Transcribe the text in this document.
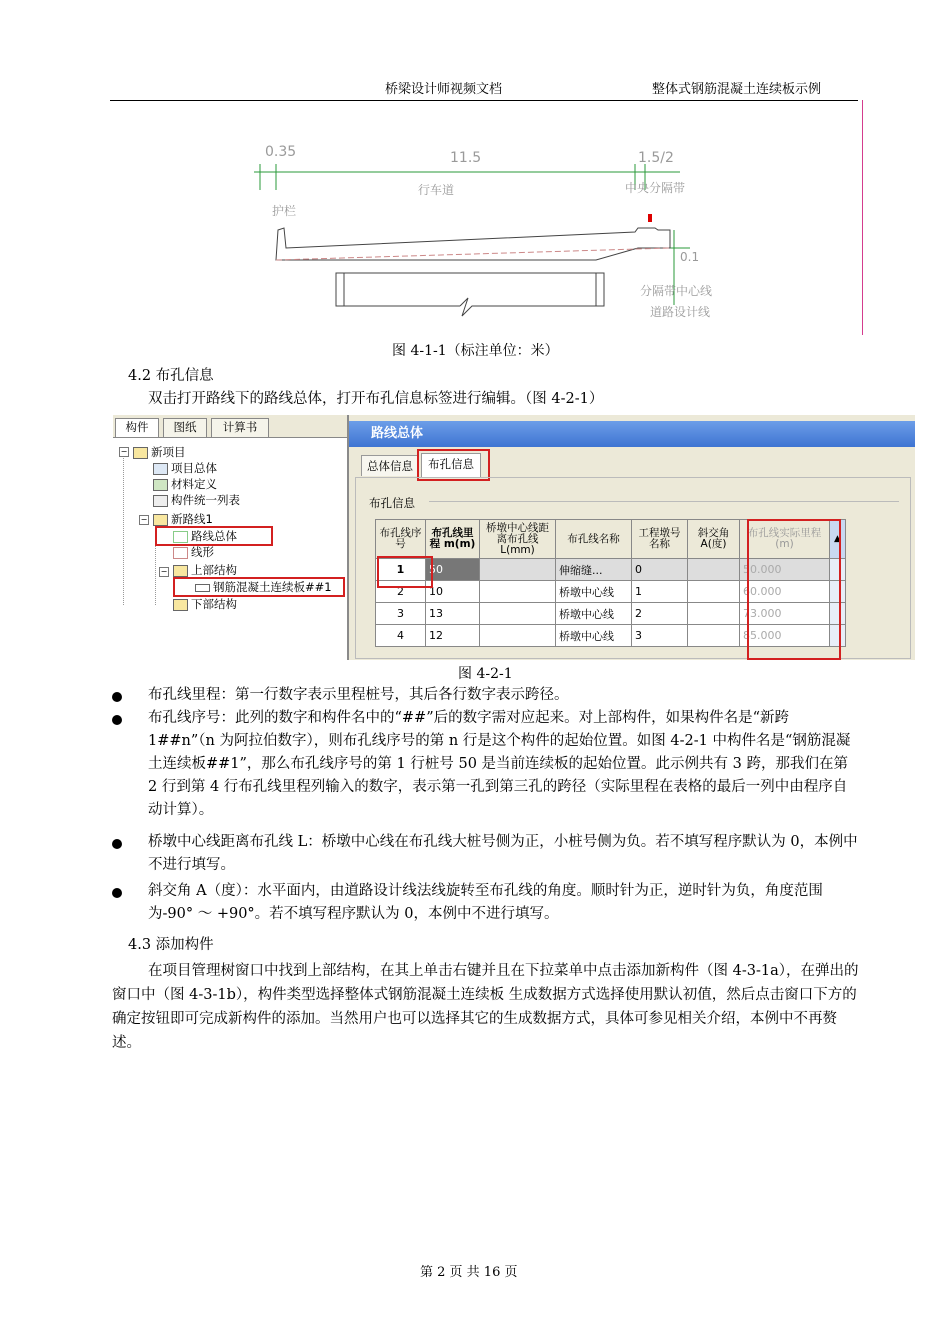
桥梁设计师视频文档	整体式钢筋混凝土连续板示例
0.35	11.5	1.5/2
行车道	中央分隔带
护栏
0.1
分隔带中心线
道路设计线
图 4-1-1（标注单位：米）
4.2 布孔信息
双击打开路线下的路线总体，打开布孔信息标签进行编辑。（图 4-2-1）
构件	图纸	计算书
−	新项目
项目总体
材料定义
构件统一列表
−	新路线1
路线总体
线形
−	上部结构
钢筋混凝土连续板##1
下部结构
路线总体
总体信息	布孔信息
布孔信息
布孔线序号	布孔线里程 m(m)	桥墩中心线距离布孔线 L(mm)	布孔线名称	工程墩号名称	斜交角 A(度)	布孔线实际里程(m)	▲
1	50		伸缩缝...	0		50.000	
2	10		桥墩中心线	1		60.000	
3	13		桥墩中心线	2		73.000	
4	12		桥墩中心线	3		85.000	
图 4-2-1
布孔线里程：第一行数字表示里程桩号，其后各行数字表示跨径。
布孔线序号：此列的数字和构件名中的“##”后的数字需对应起来。对上部构件，如果构件名是“新跨 1##n”（n 为阿拉伯数字），则布孔线序号的第 n 行是这个构件的起始位置。如图 4-2-1 中构件名是“钢筋混凝土连续板##1”，那么布孔线序号的第 1 行桩号 50 是当前连续板的起始位置。此示例共有 3 跨，那我们在第 2 行到第 4 行布孔线里程列输入的数字，表示第一孔到第三孔的跨径（实际里程在表格的最后一列中由程序自动计算）。
桥墩中心线距离布孔线 L：桥墩中心线在布孔线大桩号侧为正，小桩号侧为负。若不填写程序默认为 0，本例中不进行填写。
斜交角 A（度）：水平面内，由道路设计线法线旋转至布孔线的角度。顺时针为正，逆时针为负，角度范围为-90° ～ +90°。若不填写程序默认为 0，本例中不进行填写。
4.3 添加构件
在项目管理树窗口中找到上部结构，在其上单击右键并且在下拉菜单中点击添加新构件（图 4-3-1a），在弹出的窗口中（图 4-3-1b），构件类型选择整体式钢筋混凝土连续板 生成数据方式选择使用默认初值，然后点击窗口下方的确定按钮即可完成新构件的添加。当然用户也可以选择其它的生成数据方式，具体可参见相关介绍，本例中不再赘述。
第 2 页 共 16 页
